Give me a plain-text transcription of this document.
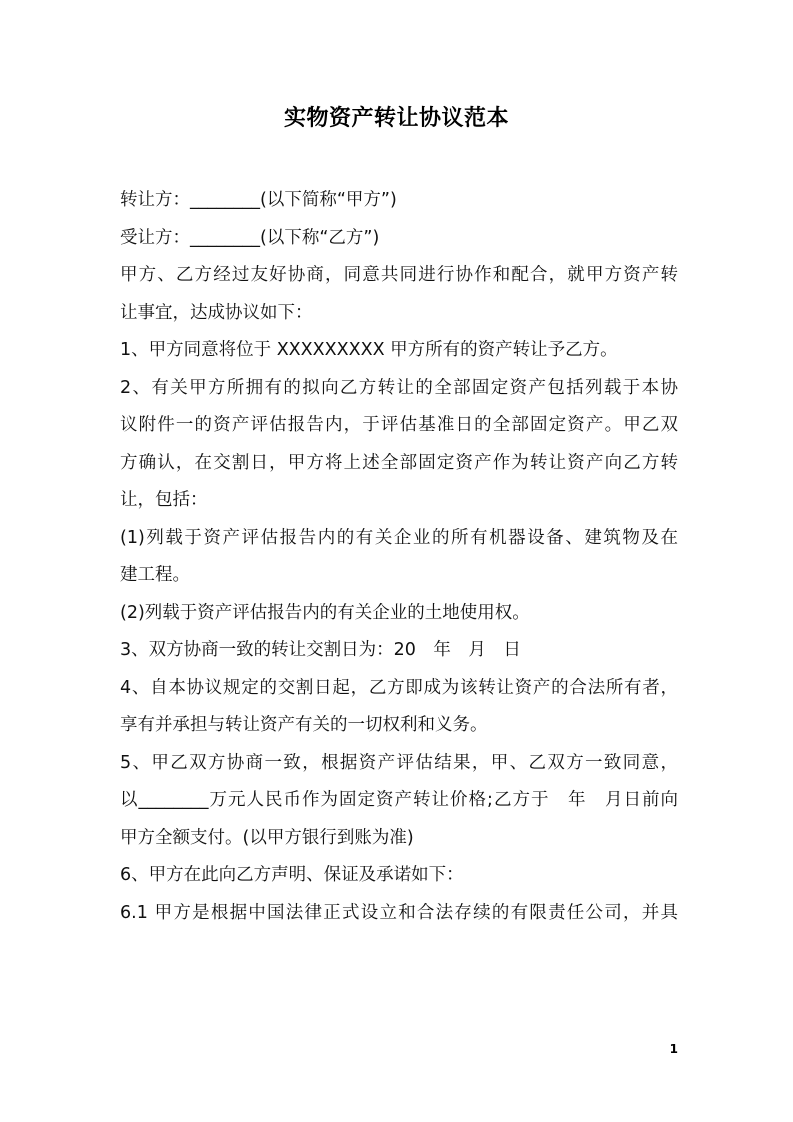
实物资产转让协议范本
转让方：________(以下简称“甲方”)
受让方：________(以下称“乙方”)
甲方、乙方经过友好协商，同意共同进行协作和配合，就甲方资产转
让事宜，达成协议如下：
1、甲方同意将位于 XXXXXXXXX 甲方所有的资产转让予乙方。
2、有关甲方所拥有的拟向乙方转让的全部固定资产包括列载于本协
议附件一的资产评估报告内，于评估基准日的全部固定资产。甲乙双
方确认，在交割日，甲方将上述全部固定资产作为转让资产向乙方转
让，包括：
(1)列载于资产评估报告内的有关企业的所有机器设备、建筑物及在
建工程。
(2)列载于资产评估报告内的有关企业的土地使用权。
3、双方协商一致的转让交割日为：20　年　月　日
4、自本协议规定的交割日起，乙方即成为该转让资产的合法所有者，
享有并承担与转让资产有关的一切权利和义务。
5、甲乙双方协商一致，根据资产评估结果，甲、乙双方一致同意，
以________万元人民币作为固定资产转让价格;乙方于　年　月日前向
甲方全额支付。(以甲方银行到账为准)
6、甲方在此向乙方声明、保证及承诺如下：
6.1 甲方是根据中国法律正式设立和合法存续的有限责任公司，并具
1
